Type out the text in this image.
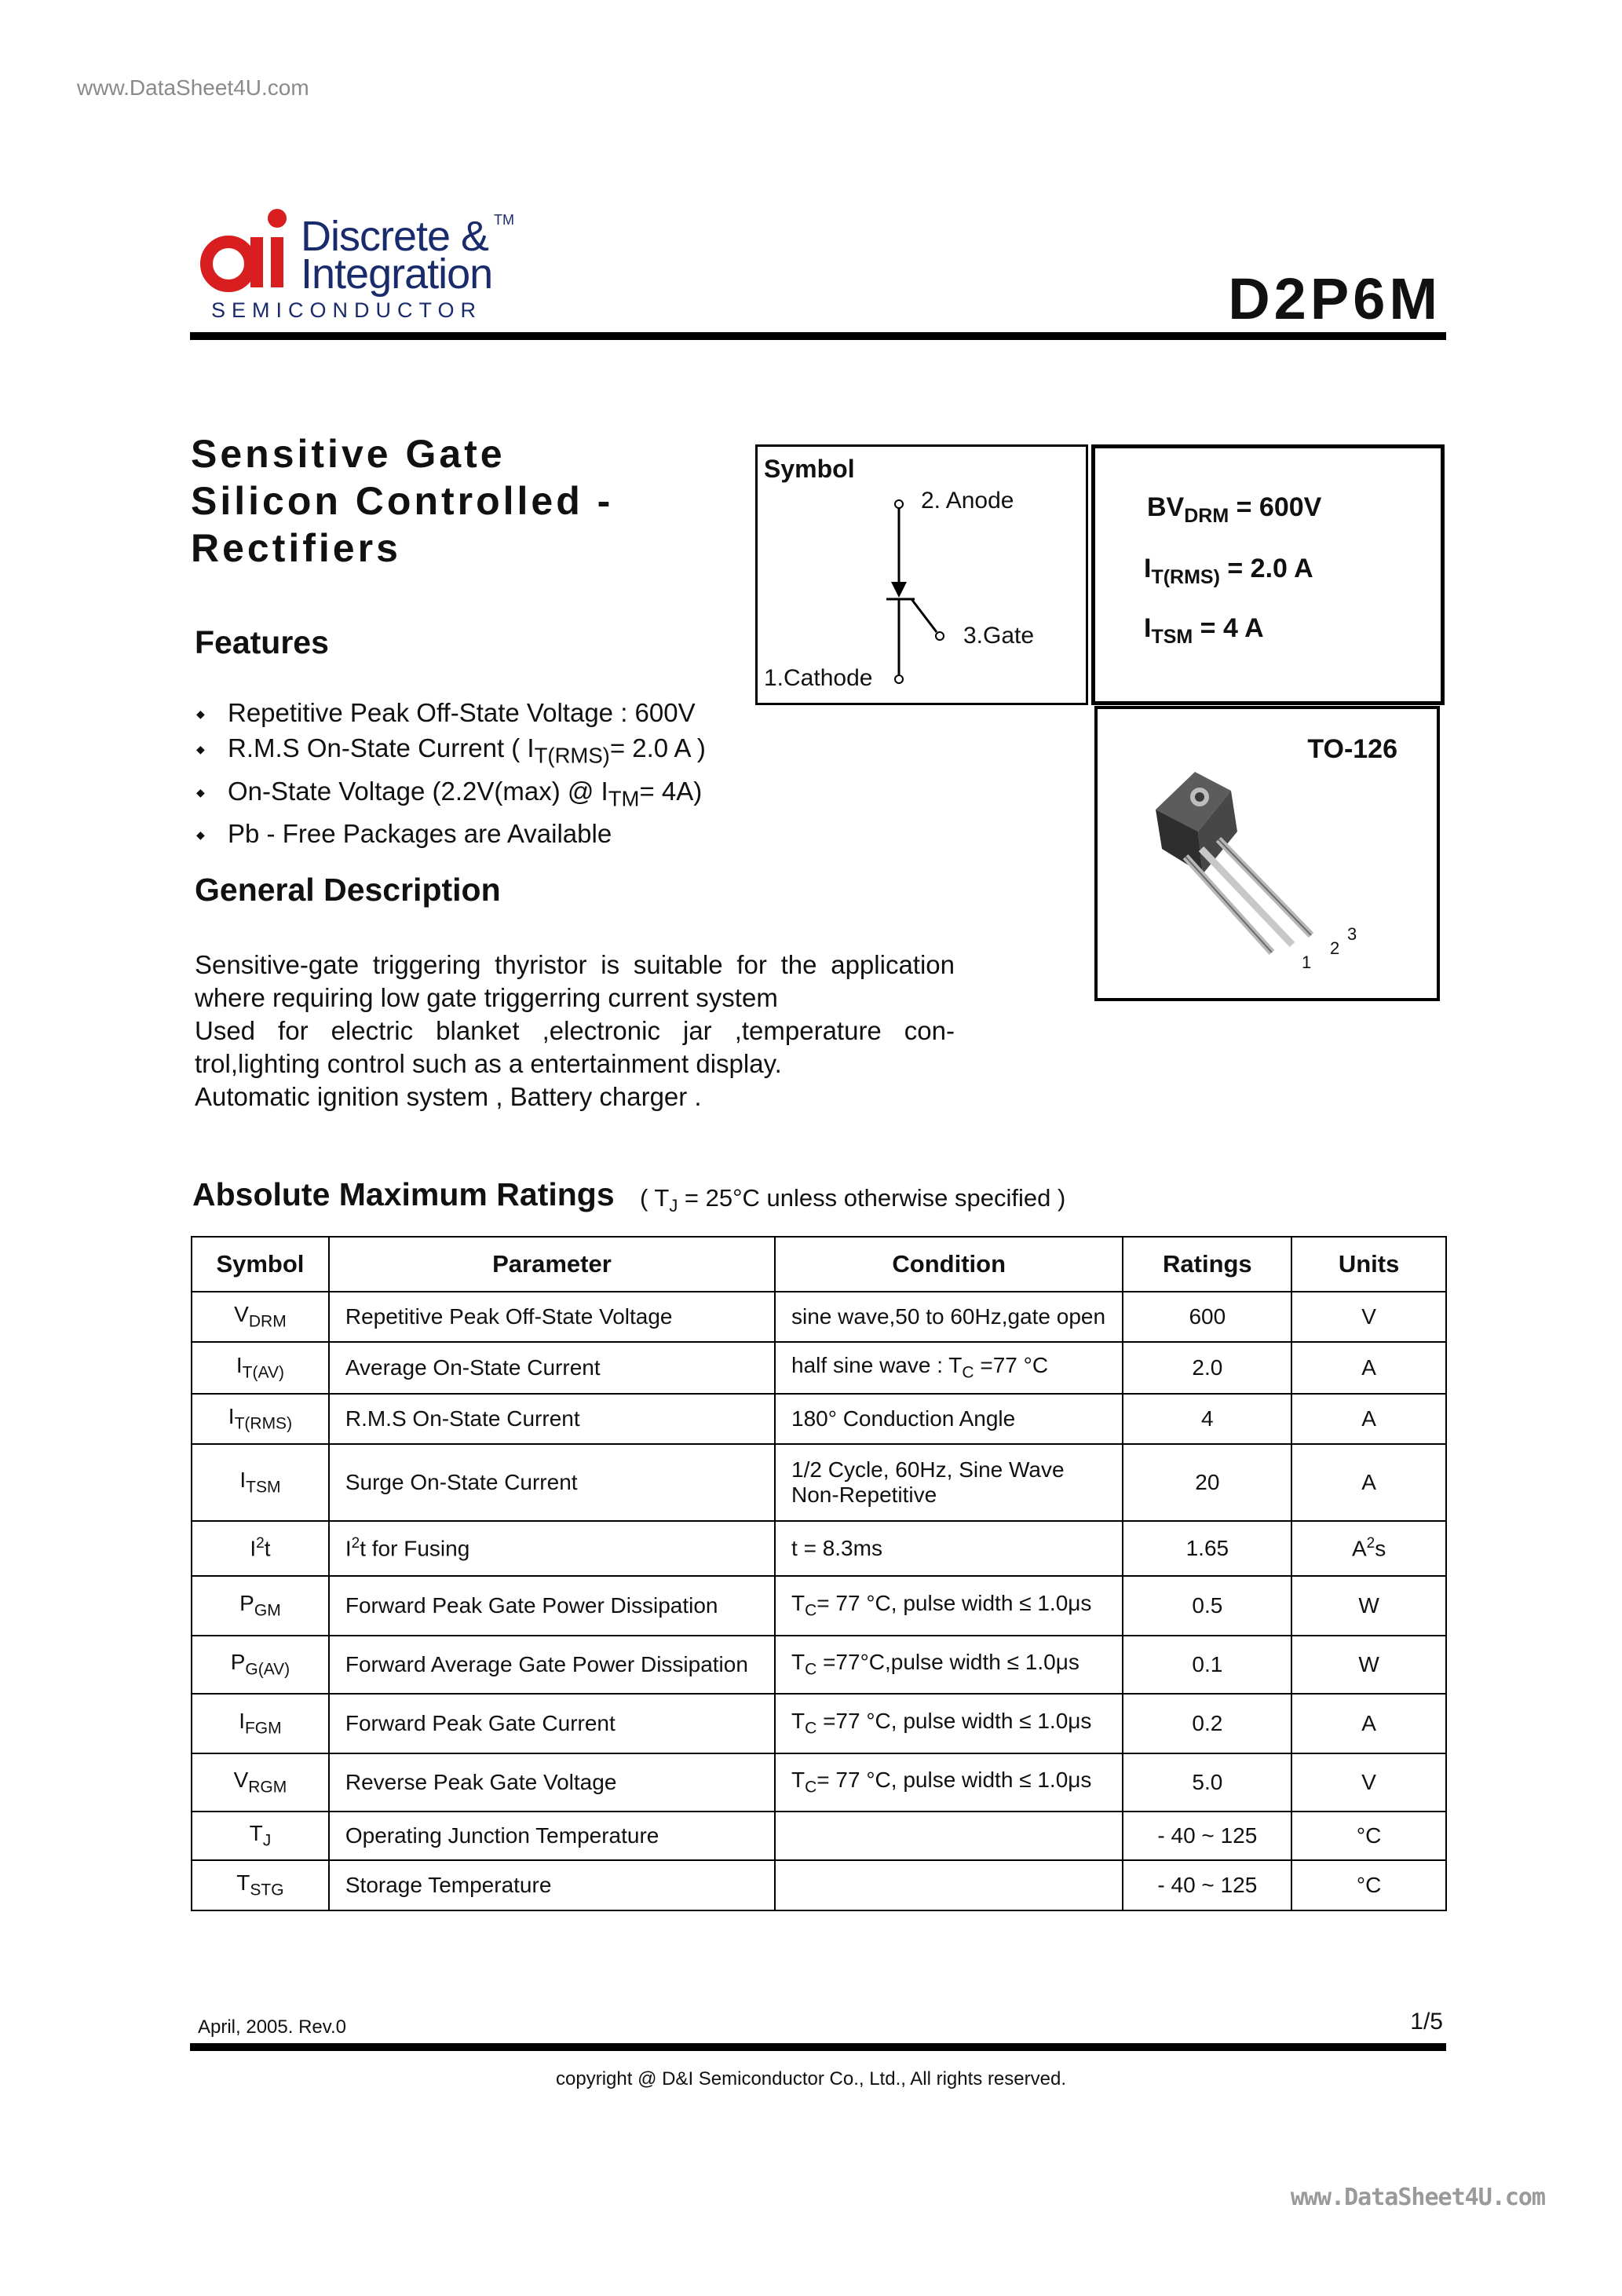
www.DataSheet4U.com
Discrete & TM
Integration
SEMICONDUCTOR	D2P6M
Sensitive Gate
Silicon Controlled -
Rectifiers
Features
◆ Repetitive Peak Off-State Voltage : 600V
◆ R.M.S On-State Current ( $I_{T(RMS)}= 2.0$ A )
◆ On-State Voltage (2.2V(max) @ $I_{TM}= 4A$)
◆ Pb - Free Packages are Available
General Description

Sensitive-gate triggering thyristor is suitable for the application where requiring low gate triggerring current system

Used for electric blanket ,electronic jar ,temperature con-trol,lighting control such as a entertainment display.

Automatic ignition system , Battery charger .

Symbol
2. Anode
3.Gate
1.Cathode
$BV_{DRM} = 600V$
$I_{T(RMS)} = 2.0$ A
$I_{TSM} = 4$ A
TO-126
1
2
3
Absolute Maximum Ratings ( $T_J = 25^\circ C$ unless otherwise specified )
Symbol	Parameter	Condition	Ratings	Units
$V_{DRM}$	Repetitive Peak Off-State Voltage	sine wave,50 to 60Hz,gate open	600	V
$I_{T(AV)}$	Average On-State Current	half sine wave : $T_C =77$ °C	2.0	A
$I_{T(RMS)}$	R.M.S On-State Current	180° Conduction Angle	4	A
$I_{TSM}$	Surge On-State Current	1/2 Cycle, 60Hz, Sine Wave
Non-Repetitive	20	A
$I^2t$	$I^2t$ for Fusing	t = 8.3ms	1.65	$A^2s$
$P_{GM}$	Forward Peak Gate Power Dissipation	$T_C= 77$ °C, pulse width ≤ 1.0μs	0.5	W
$P_{G(AV)}$	Forward Average Gate Power Dissipation	$T_C$ =77°C,pulse width ≤ 1.0μs	0.1	W
$I_{FGM}$	Forward Peak Gate Current	$T_C =77$ °C, pulse width ≤ 1.0μs	0.2	A
$V_{RGM}$	Reverse Peak Gate Voltage	$T_C= 77$ °C, pulse width ≤ 1.0μs	5.0	V
$T_J$	Operating Junction Temperature		- 40 ~ 125	°C
$T_{STG}$	Storage Temperature		- 40 ~ 125	°C
April, 2005. Rev.0	1/5
copyright @ D&I Semiconductor Co., Ltd., All rights reserved.
www.DataSheet4U.com
